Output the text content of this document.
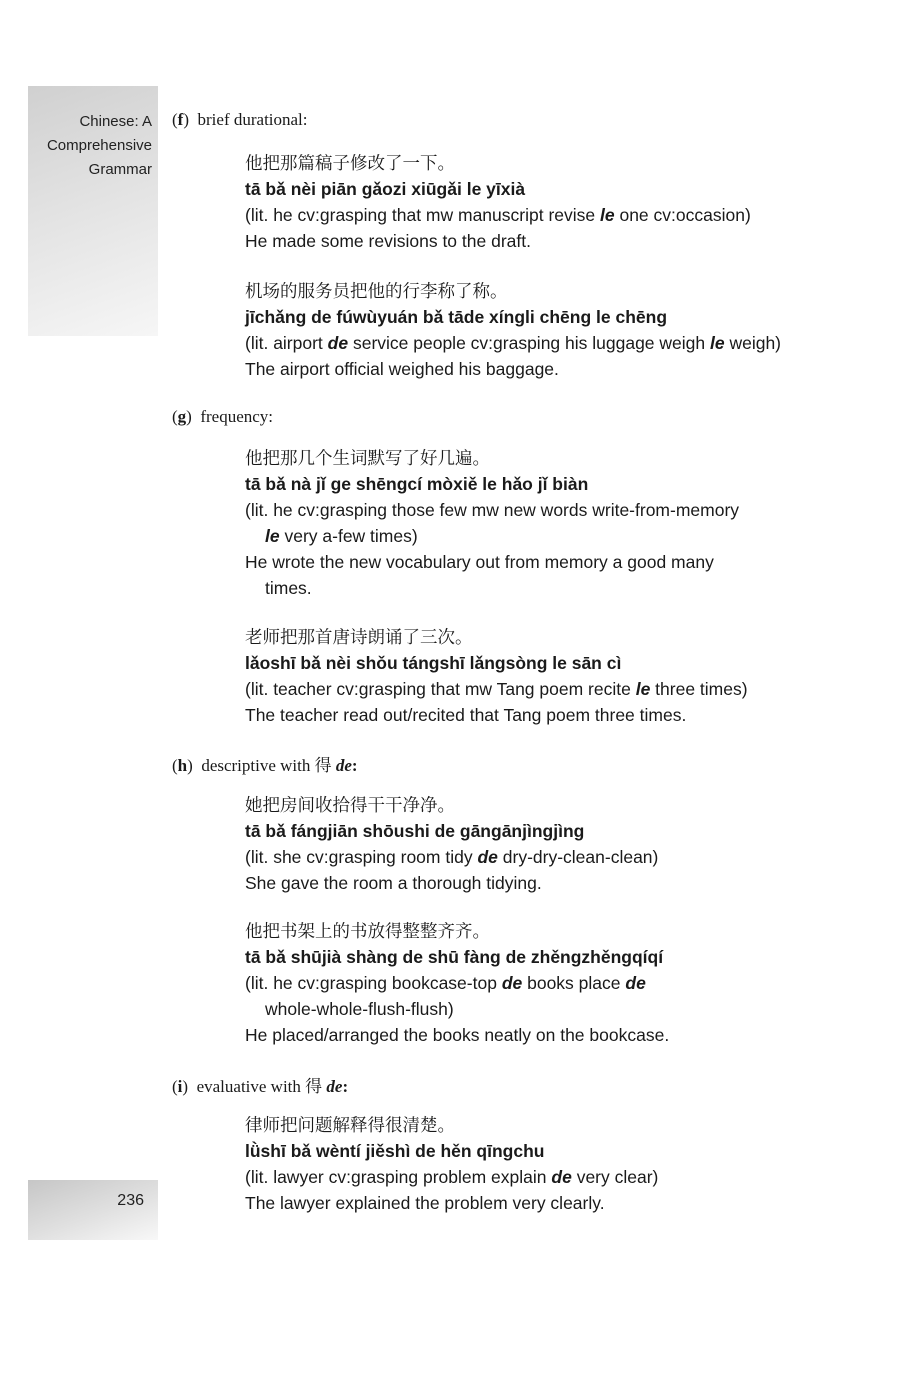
Chinese: A
Comprehensive
Grammar
236
(f)  brief durational:
他把那篇稿子修改了一下。
tā bǎ nèi piān gǎozi xiūgǎi le yīxià
(lit. he cv:grasping that mw manuscript revise le one cv:occasion)
He made some revisions to the draft.
机场的服务员把他的行李称了称。
jīchǎng de fúwùyuán bǎ tāde xíngli chēng le chēng
(lit. airport de service people cv:grasping his luggage weigh le weigh)
The airport official weighed his baggage.
(g)  frequency:
他把那几个生词默写了好几遍。
tā bǎ nà jǐ ge shēngcí mòxiě le hǎo jǐ biàn
(lit. he cv:grasping those few mw new words write-from-memory
le very a-few times)
He wrote the new vocabulary out from memory a good many
times.
老师把那首唐诗朗诵了三次。
lǎoshī bǎ nèi shǒu tángshī lǎngsòng le sān cì
(lit. teacher cv:grasping that mw Tang poem recite le three times)
The teacher read out/recited that Tang poem three times.
(h)  descriptive with 得 de:
她把房间收拾得干干净净。
tā bǎ fángjiān shōushi de gāngānjìngjìng
(lit. she cv:grasping room tidy de dry-dry-clean-clean)
She gave the room a thorough tidying.
他把书架上的书放得整整齐齐。
tā bǎ shūjià shàng de shū fàng de zhěngzhěngqíqí
(lit. he cv:grasping bookcase-top de books place de
whole-whole-flush-flush)
He placed/arranged the books neatly on the bookcase.
(i)  evaluative with 得 de:
律师把问题解释得很清楚。
lǜshī bǎ wèntí jiěshì de hěn qīngchu
(lit. lawyer cv:grasping problem explain de very clear)
The lawyer explained the problem very clearly.
